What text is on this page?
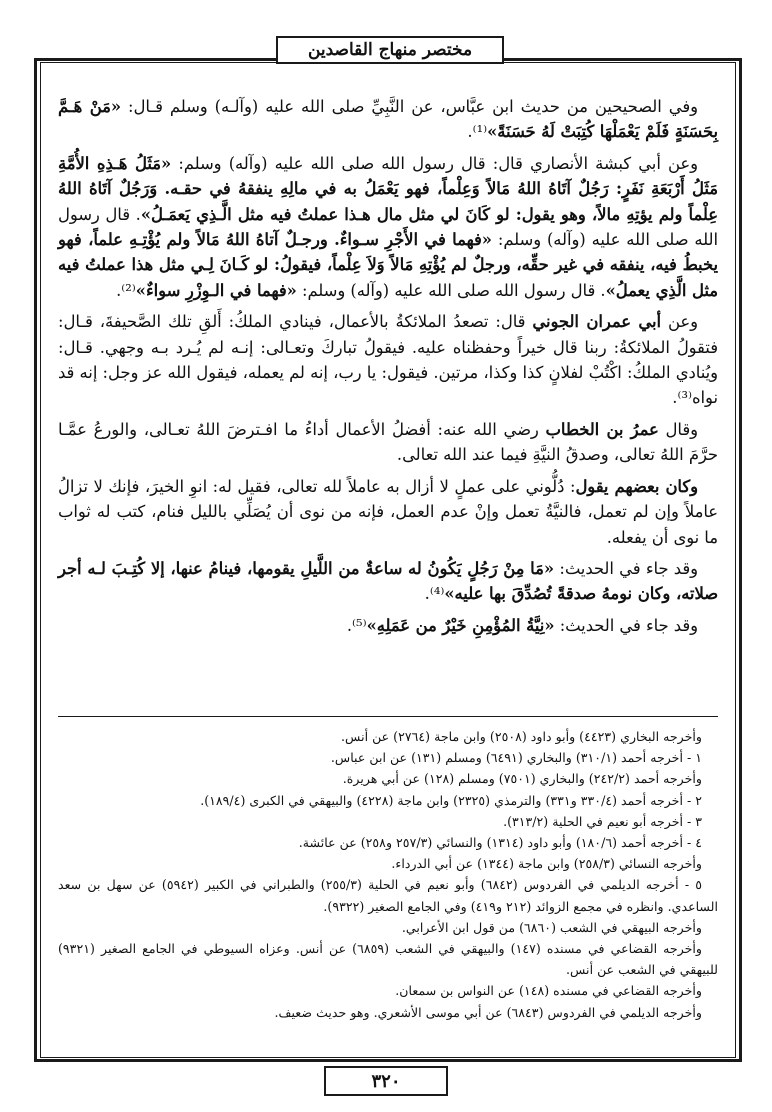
مختصر منهاج القاصدين

وفي الصحيحين من حديث ابن عبَّاس، عن النَّبِيِّ صلى الله عليه (وآلـه) وسلم قـال: «مَنْ هَـمَّ بِحَسَنَةٍ فَلَمْ يَعْمَلْهَا كُتِبَتْ لَهُ حَسَنَةً»⁽¹⁾.

وعن أبي كبشة الأنصاري قال: قال رسول الله صلى الله عليه (وآله) وسلم: «مَثَلُ هَـذِهِ الأُمَّةِ مَثَلُ أَرْبَعَةِ نَفَرٍ: رَجُلٌ آتَاهُ اللهُ مَالاً وَعِلْماً، فهو يَعْمَلُ به في مالِهِ ينفقهُ في حقـه. وَرَجُلٌ آتَاهُ اللهُ عِلْماً ولم يؤتِهِ مالاً، وهو يقول: لو كَانَ لي مثل مال هـذا عملتُ فيه مثل الَّـذِي يَعمَـلُ». قال رسول الله صلى الله عليه (وآله) وسلم: «فهما في الأَجْرِ سـواءٌ. ورجـلٌ آتاهُ اللهُ مَالاً ولم يُؤْتِـهِ علماً، فهو يخبطُ فيه، ينفقه في غير حقِّه، ورجلٌ لم يُؤْتِهِ مَالاً وَلاَ عِلْماً، فيقولُ: لو كَـانَ لِـي مثل هذا عملتُ فيه مثل الَّذِي يعملُ». قال رسول الله صلى الله عليه (وآله) وسلم: «فهما في الـوِزْرِ سواءٌ»⁽²⁾.

وعن أبي عمران الجوني قال: تصعدُ الملائكةُ بالأعمال، فينادي الملكُ: أَلقِ تلك الصَّحيفةَ، قـال: فتقولُ الملائكةُ: ربنا قال خيراً وحفظناه عليه. فيقولُ تباركَ وتعـالى: إنـه لم يُـرد بـه وجهي. قـال: ويُنادي الملكُ: اكْتُبْ لفلانٍ كذا وكذا، مرتين. فيقول: يا رب، إنه لم يعمله، فيقول الله عز وجل: إنه قد نواه⁽³⁾.

وقال عمرُ بن الخطاب رضي الله عنه: أفضلُ الأعمال أداءُ ما افـترضَ اللهُ تعـالى، والورعُ عمَّـا حرَّمَ اللهُ تعالى، وصدقُ النيَّةِ فيما عند الله تعالى.

وكان بعضهم يقول: دُلُّوني على عملٍ لا أزال به عاملاً لله تعالى، فقيل له: انوِ الخيرَ، فإنك لا تزالُ عاملاً وإن لم تعمل، فالنيَّةُ تعمل وإنْ عدم العمل، فإنه من نوى أن يُصَلِّي بالليل فنام، كتب له ثواب ما نوى أن يفعله.

وقد جاء في الحديث: «مَا مِنْ رَجُلٍ يَكُونُ له ساعةٌ من اللَّيلِ يقومها، فينامُ عنها، إلا كُتِـبَ لـه أجر صلاته، وكان نومهُ صدقةً تُصُدِّقَ بها عليه»⁽⁴⁾.

وقد جاء في الحديث: «نِيَّةُ المُؤْمِنِ خَيْرٌ من عَمَلِهِ»⁽⁵⁾.

وأخرجه البخاري (٤٤٢٣) وأبو داود (٢٥٠٨) وابن ماجة (٢٧٦٤) عن أنس.

١ - أخرجه أحمد (٣١٠/١) والبخاري (٦٤٩١) ومسلم (١٣١) عن ابن عباس.

وأخرجه أحمد (٢٤٢/٢) والبخاري (٧٥٠١) ومسلم (١٢٨) عن أبي هريرة.

٢ - أخرجه أحمد (٣٣٠/٤ و٣٣١) والترمذي (٢٣٢٥) وابن ماجة (٤٢٢٨) والبيهقي في الكبرى (١٨٩/٤).

٣ - أخرجه أبو نعيم في الحلية (٣١٣/٢).

٤ - أخرجه أحمد (١٨٠/٦) وأبو داود (١٣١٤) والنسائي (٢٥٧/٣ و٢٥٨) عن عائشة.

وأخرجه النسائي (٢٥٨/٣) وابن ماجة (١٣٤٤) عن أبي الدرداء.

٥ - أخرجه الديلمي في الفردوس (٦٨٤٢) وأبو نعيم في الحلية (٢٥٥/٣) والطبراني في الكبير (٥٩٤٢) عن سهل بن سعد الساعدي. وانظره في مجمع الزوائد (٢١٢ و٤١٩) وفي الجامع الصغير (٩٣٢٢).

وأخرجه البيهقي في الشعب (٦٨٦٠) من قول ابن الأعرابي.

وأخرجه القضاعي في مسنده (١٤٧) والبيهقي في الشعب (٦٨٥٩) عن أنس. وعزاه السيوطي في الجامع الصغير (٩٣٢١) للبيهقي في الشعب عن أنس.

وأخرجه القضاعي في مسنده (١٤٨) عن النواس بن سمعان.

وأخرجه الديلمي في الفردوس (٦٨٤٣) عن أبي موسى الأشعري. وهو حديث ضعيف.

٣٢٠
